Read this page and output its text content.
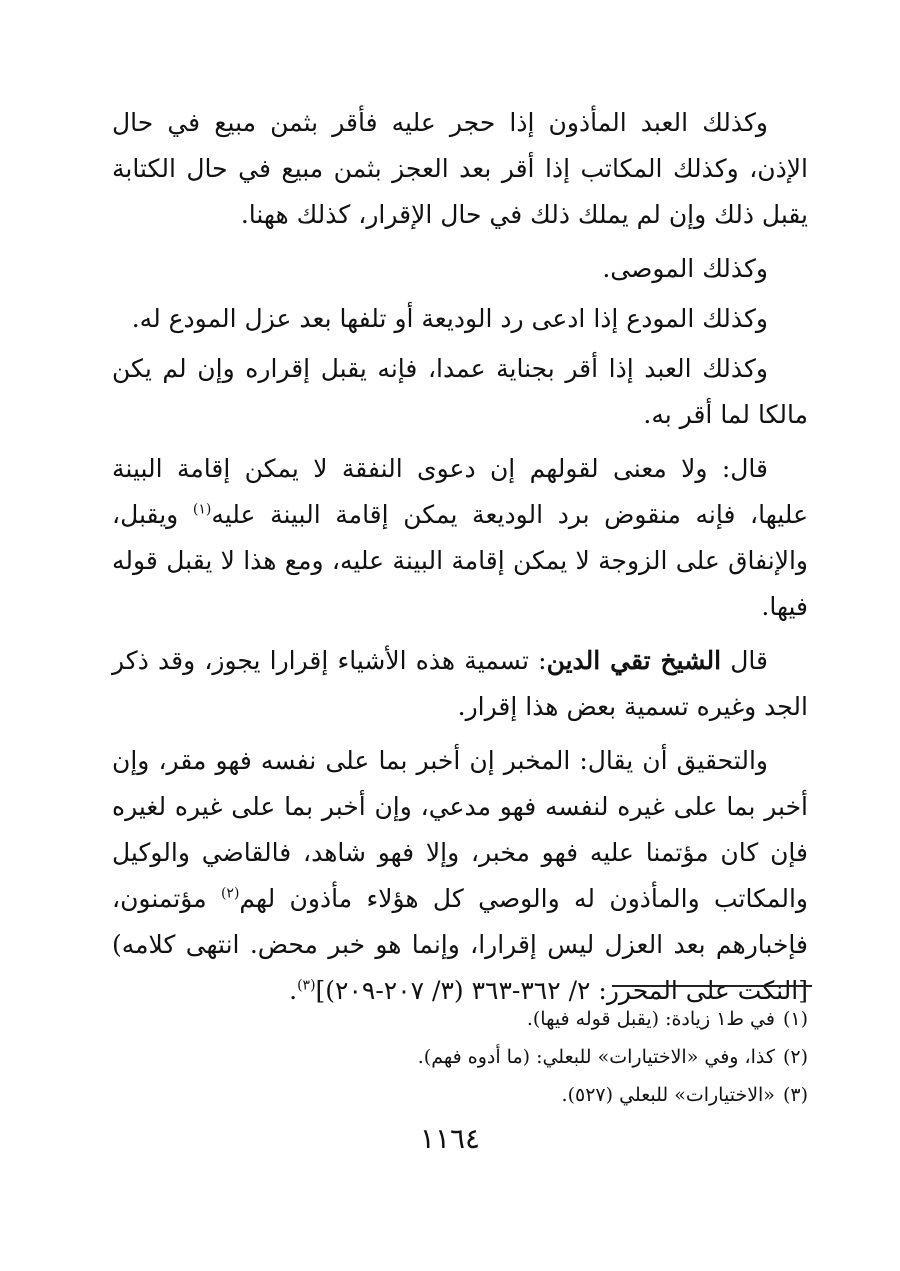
وكذلك العبد المأذون إذا حجر عليه فأقر بثمن مبيع في حال الإذن، وكذلك المكاتب إذا أقر بعد العجز بثمن مبيع في حال الكتابة يقبل ذلك وإن لم يملك ذلك في حال الإقرار، كذلك ههنا.

وكذلك الموصى.

وكذلك المودع إذا ادعى رد الوديعة أو تلفها بعد عزل المودع له.

وكذلك العبد إذا أقر بجناية عمدا، فإنه يقبل إقراره وإن لم يكن مالكا لما أقر به.

قال: ولا معنى لقولهم إن دعوى النفقة لا يمكن إقامة البينة عليها، فإنه منقوض برد الوديعة يمكن إقامة البينة عليه$^{(١)}$ ويقبل، والإنفاق على الزوجة لا يمكن إقامة البينة عليه، ومع هذا لا يقبل قوله فيها.

قال الشيخ تقي الدين: تسمية هذه الأشياء إقرارا يجوز، وقد ذكر الجد وغيره تسمية بعض هذا إقرار.

والتحقيق أن يقال: المخبر إن أخبر بما على نفسه فهو مقر، وإن أخبر بما على غيره لنفسه فهو مدعي، وإن أخبر بما على غيره لغيره فإن كان مؤتمنا عليه فهو مخبر، وإلا فهو شاهد، فالقاضي والوكيل والمكاتب والمأذون له والوصي كل هؤلاء مأذون لهم$^{(٢)}$ مؤتمنون، فإخبارهم بعد العزل ليس إقرارا، وإنما هو خبر محض. انتهى كلامه) [النكت على المحرر: ٢/ ٣٦٢-٣٦٣ (٣/ ٢٠٧-٢٠٩)]$^{(٣)}$.

(١)في ط١ زيادة: (يقبل قوله فيها).

(٢)كذا، وفي «الاختيارات» للبعلي: (ما أدوه فهم).

(٣)«الاختيارات» للبعلي (٥٢٧).

١١٦٤
